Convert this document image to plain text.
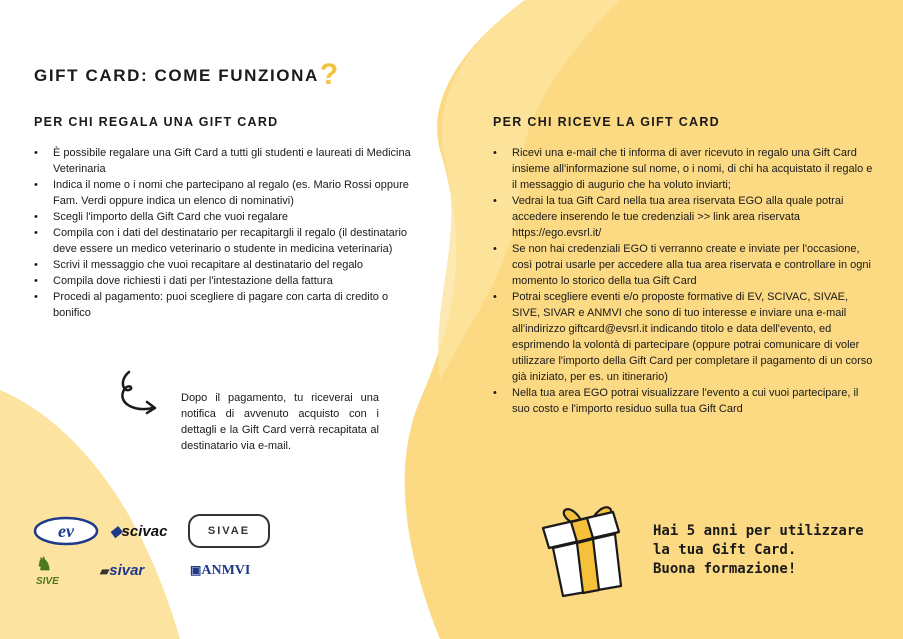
GIFT CARD: COME FUNZIONA?
PER CHI REGALA UNA GIFT CARD
• È possibile regalare una Gift Card a tutti gli studenti e laureati di Medicina Veterinaria
• Indica il nome o i nomi che partecipano al regalo (es. Mario Rossi oppure Fam. Verdi oppure indica un elenco di nominativi)
• Scegli l'importo della Gift Card che vuoi regalare
• Compila con i dati del destinatario per recapitargli il regalo (il destinatario deve essere un medico veterinario o studente in medicina veterinaria)
• Scrivi il messaggio che vuoi recapitare al destinatario del regalo
• Compila dove richiesti i dati per l'intestazione della fattura
• Procedi al pagamento: puoi scegliere di pagare con carta di credito o bonifico
Dopo il pagamento, tu riceverai una notifica di avvenuto acquisto con i dettagli e la Gift Card verrà recapitata al destinatario via e-mail.
PER CHI RICEVE LA GIFT CARD
• Ricevi una e-mail che ti informa di aver ricevuto in regalo una Gift Card insieme all'informazione sul nome, o i nomi, di chi ha acquistato il regalo e il messaggio di augurio che ha voluto inviarti;
• Vedrai la tua Gift Card nella tua area riservata EGO alla quale potrai accedere inserendo le tue credenziali >> link area riservata https://ego.evsrl.it/
• Se non hai credenziali EGO ti verranno create e inviate per l'occasione, così potrai usarle per accedere alla tua area riservata e controllare in ogni momento lo storico della tua Gift Card
• Potrai scegliere eventi e/o proposte formative di EV, SCIVAC, SIVAE, SIVE, SIVAR e ANMVI che sono di tuo interesse e inviare una e-mail all'indirizzo giftcard@evsrl.it indicando titolo e data dell'evento, ed esprimendo la volontà di partecipare (oppure potrai comunicare di voler utilizzare l'importo della Gift Card per completare il pagamento di un corso già iniziato, per es. un itinerario)
• Nella tua area EGO potrai visualizzare l'evento a cui vuoi partecipare, il suo costo e l'importo residuo sulla tua Gift Card
ev ◆scivac	SIVAE
♞
SIVE
▰sivar	▣ANMVI
Hai 5 anni per utilizzare
la tua Gift Card.
Buona formazione!
